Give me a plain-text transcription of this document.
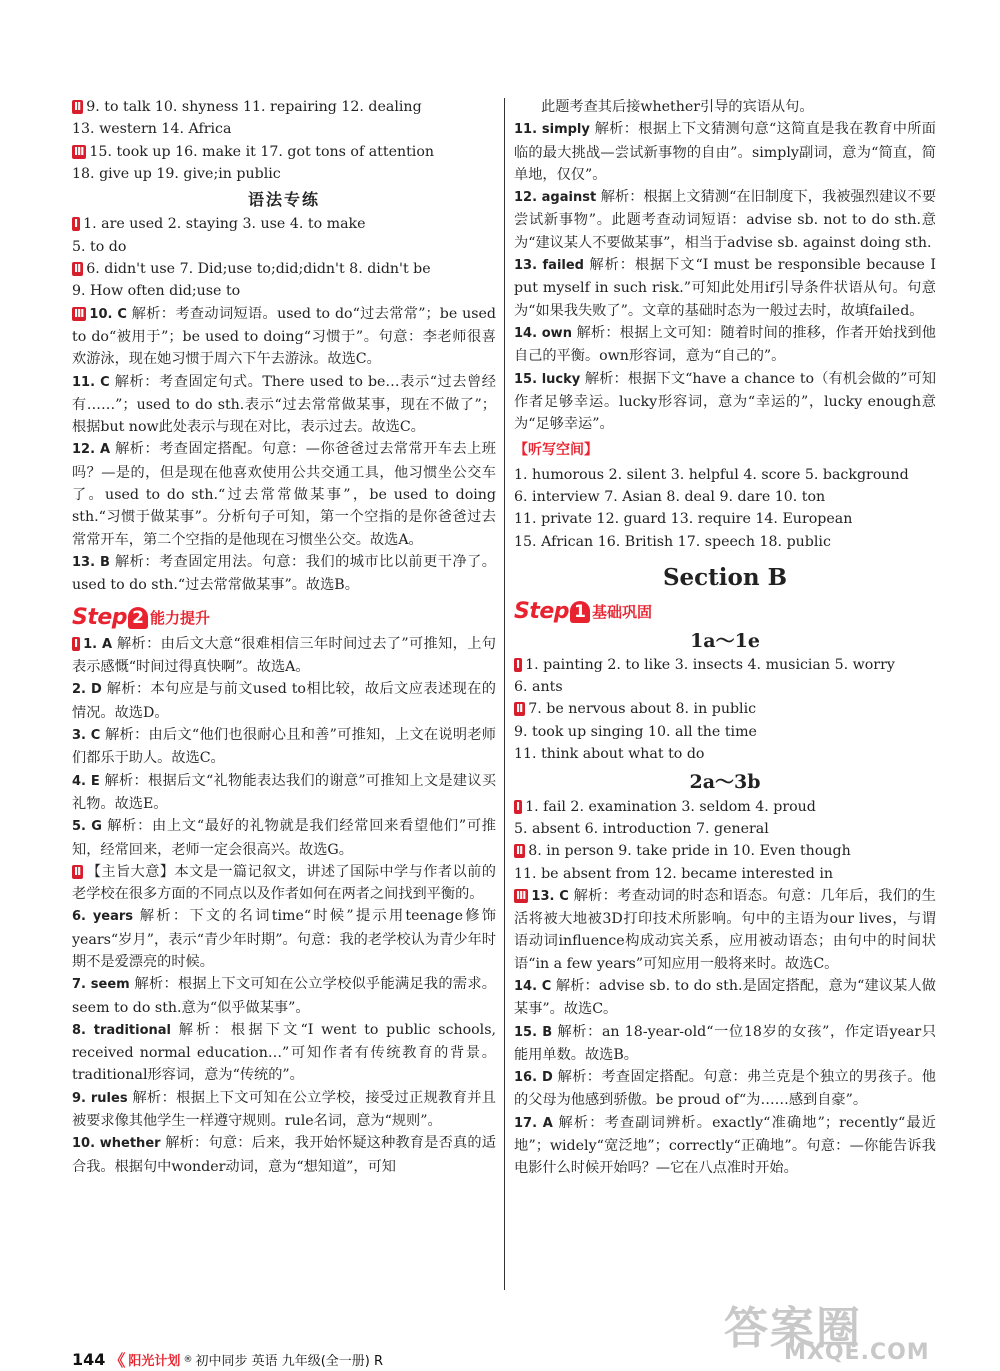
Ⅱ 9. to talk 10. shyness 11. repairing 12. dealing
13. western 14. Africa
Ⅲ 15. took up 16. make it 17. got tons of attention
18. give up 19. give;in public
语法专练
Ⅰ 1. are used 2. staying 3. use 4. to make
5. to do
Ⅱ 6. didn't use 7. Did;use to;did;didn't 8. didn't be
9. How often did;use to
Ⅲ 10. C 解析：考查动词短语。used to do“过去常常”；be used to do“被用于”；be used to doing“习惯于”。句意：李老师很喜欢游泳，现在她习惯于周六下午去游泳。故选C。
11. C 解析：考查固定句式。There used to be…表示“过去曾经有……”；used to do sth.表示“过去常常做某事，现在不做了”；根据but now此处表示与现在对比，表示过去。故选C。
12. A 解析：考查固定搭配。句意：—你爸爸过去常常开车去上班吗？—是的，但是现在他喜欢使用公共交通工具，他习惯坐公交车了。used to do sth.“过去常常做某事”，be used to doing sth.“习惯于做某事”。分析句子可知，第一个空指的是你爸爸过去常常开车，第二个空指的是他现在习惯坐公交。故选A。
13. B 解析：考查固定用法。句意：我们的城市比以前更干净了。used to do sth.“过去常常做某事”。故选B。
Step 2 能力提升
Ⅰ 1. A 解析：由后文大意“很难相信三年时间过去了”可推知，上句表示感慨“时间过得真快啊”。故选A。
2. D 解析：本句应是与前文used to相比较，故后文应表述现在的情况。故选D。
3. C 解析：由后文“他们也很耐心且和善”可推知，上文在说明老师们都乐于助人。故选C。
4. E 解析：根据后文“礼物能表达我们的谢意”可推知上文是建议买礼物。故选E。
5. G 解析：由上文“最好的礼物就是我们经常回来看望他们”可推知，经常回来，老师一定会很高兴。故选G。
Ⅱ 【主旨大意】本文是一篇记叙文，讲述了国际中学与作者以前的老学校在很多方面的不同点以及作者如何在两者之间找到平衡的。
6. years 解析：下文的名词time“时候”提示用teenage修饰years“岁月”，表示“青少年时期”。句意：我的老学校认为青少年时期不是爱漂亮的时候。
7. seem 解析：根据上下文可知在公立学校似乎能满足我的需求。seem to do sth.意为“似乎做某事”。
8. traditional 解析：根据下文“I went to public schools, received normal education…”可知作者有传统教育的背景。traditional形容词，意为“传统的”。
9. rules 解析：根据上下文可知在公立学校，接受过正规教育并且被要求像其他学生一样遵守规则。rule名词，意为“规则”。
10. whether 解析：句意：后来，我开始怀疑这种教育是否真的适合我。根据句中wonder动词，意为“想知道”，可知
此题考查其后接whether引导的宾语从句。
11. simply 解析：根据上下文猜测句意“这简直是我在教育中所面临的最大挑战—尝试新事物的自由”。simply副词，意为“简直，简单地，仅仅”。
12. against 解析：根据上文猜测“在旧制度下，我被强烈建议不要尝试新事物”。此题考查动词短语：advise sb. not to do sth.意为“建议某人不要做某事”，相当于advise sb. against doing sth.
13. failed 解析：根据下文“I must be responsible because I put myself in such risk.”可知此处用if引导条件状语从句。句意为“如果我失败了”。文章的基础时态为一般过去时，故填failed。
14. own 解析：根据上文可知：随着时间的推移，作者开始找到他自己的平衡。own形容词，意为“自己的”。
15. lucky 解析：根据下文“have a chance to（有机会做的”可知作者足够幸运。lucky形容词，意为“幸运的”，lucky enough意为“足够幸运”。
【听写空间】
1. humorous 2. silent 3. helpful 4. score 5. background
6. interview 7. Asian 8. deal 9. dare 10. ton
11. private 12. guard 13. require 14. European
15. African 16. British 17. speech 18. public
Section B
Step 1 基础巩固
1a～1e
Ⅰ 1. painting 2. to like 3. insects 4. musician 5. worry
6. ants
Ⅱ 7. be nervous about 8. in public
9. took up singing 10. all the time
11. think about what to do
2a～3b
Ⅰ 1. fail 2. examination 3. seldom 4. proud
5. absent 6. introduction 7. general
Ⅱ 8. in person 9. take pride in 10. Even though
11. be absent from 12. became interested in
Ⅲ 13. C 解析：考查动词的时态和语态。句意：几年后，我们的生活将被大地被3D打印技术所影响。句中的主语为our lives，与谓语动词influence构成动宾关系，应用被动语态；由句中的时间状语“in a few years”可知应用一般将来时。故选C。
14. C 解析：advise sb. to do sth.是固定搭配，意为“建议某人做某事”。故选C。
15. B 解析：an 18-year-old“一位18岁的女孩”，作定语year只能用单数。故选B。
16. D 解析：考查固定搭配。句意：弗兰克是个独立的男孩子。他的父母为他感到骄傲。be proud of“为……感到自豪”。
17. A 解析：考查副词辨析。exactly“准确地”；recently“最近地”；widely“宽泛地”；correctly“正确地”。句意：—你能告诉我电影什么时候开始吗？—它在八点准时开始。
144 《 阳光计划 ® 初中同步 英语 九年级(全一册) R
答案圈
MXQE.COM
